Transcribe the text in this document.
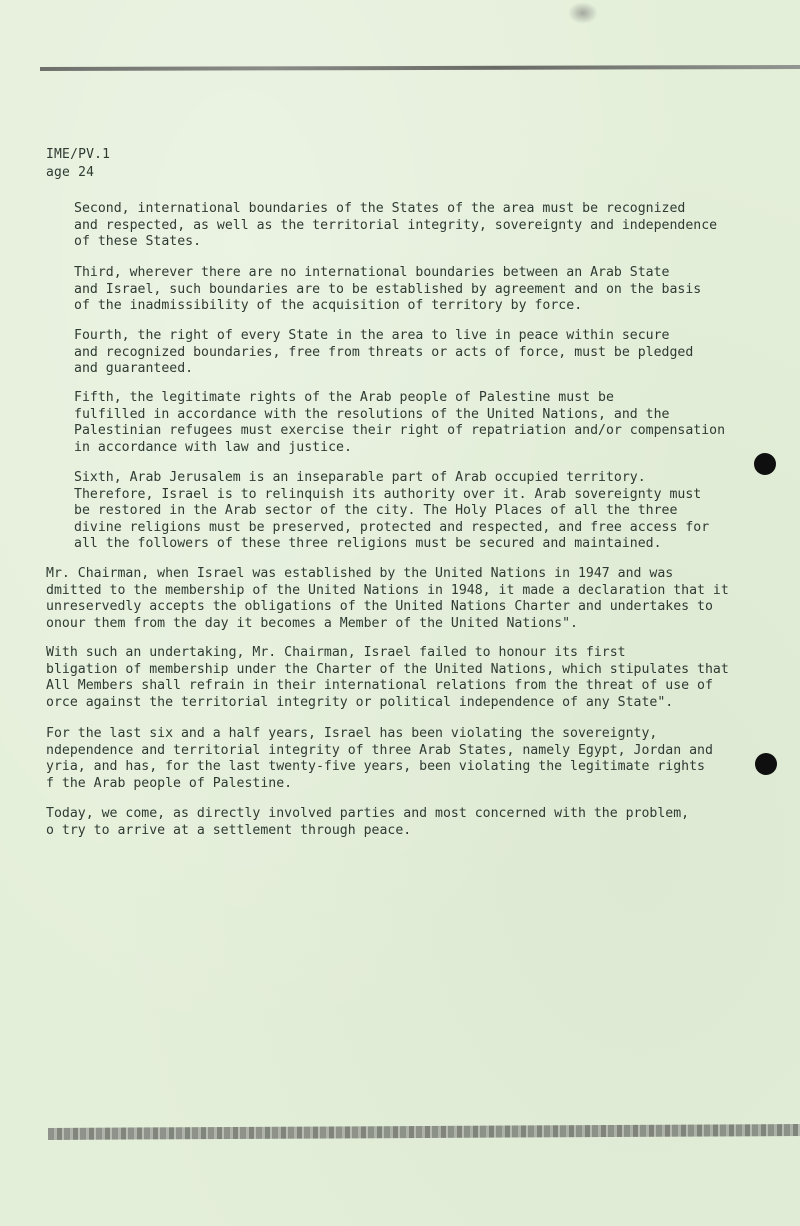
IME/PV.1
age 24
Second, international boundaries of the States of the area must be recognized
and respected, as well as the territorial integrity, sovereignty and independence
of these States.
Third, wherever there are no international boundaries between an Arab State
and Israel, such boundaries are to be established by agreement and on the basis
of the inadmissibility of the acquisition of territory by force.
Fourth, the right of every State in the area to live in peace within secure
and recognized boundaries, free from threats or acts of force, must be pledged
and guaranteed.
Fifth, the legitimate rights of the Arab people of Palestine must be
fulfilled in accordance with the resolutions of the United Nations, and the
Palestinian refugees must exercise their right of repatriation and/or compensation
in accordance with law and justice.
Sixth, Arab Jerusalem is an inseparable part of Arab occupied territory.
Therefore, Israel is to relinquish its authority over it. Arab sovereignty must
be restored in the Arab sector of the city. The Holy Places of all the three
divine religions must be preserved, protected and respected, and free access for
all the followers of these three religions must be secured and maintained.
Mr. Chairman, when Israel was established by the United Nations in 1947 and was
dmitted to the membership of the United Nations in 1948, it made a declaration that it
unreservedly accepts the obligations of the United Nations Charter and undertakes to
onour them from the day it becomes a Member of the United Nations".
With such an undertaking, Mr. Chairman, Israel failed to honour its first
bligation of membership under the Charter of the United Nations, which stipulates that
All Members shall refrain in their international relations from the threat of use of
orce against the territorial integrity or political independence of any State".
For the last six and a half years, Israel has been violating the sovereignty,
ndependence and territorial integrity of three Arab States, namely Egypt, Jordan and
yria, and has, for the last twenty-five years, been violating the legitimate rights
f the Arab people of Palestine.
Today, we come, as directly involved parties and most concerned with the problem,
o try to arrive at a settlement through peace.
